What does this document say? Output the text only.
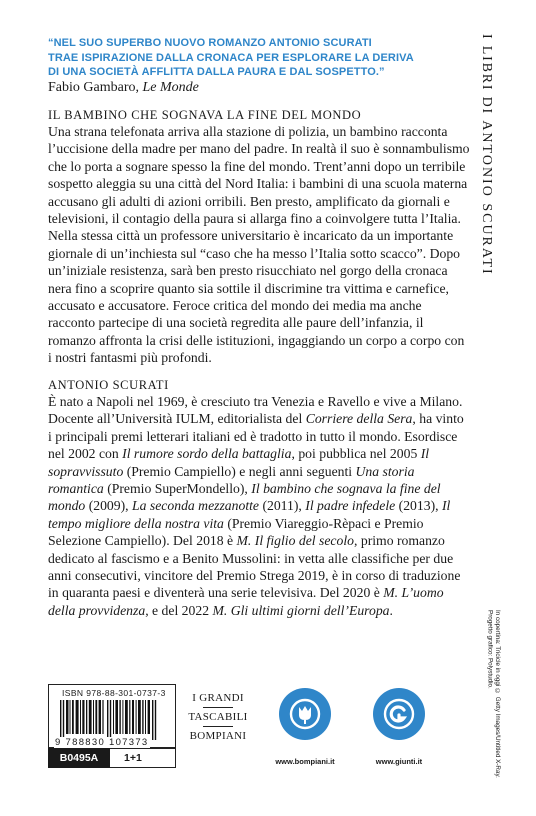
“NEL SUO SUPERBO NUOVO ROMANZO ANTONIO SCURATI
TRAE ISPIRAZIONE DALLA CRONACA PER ESPLORARE LA DERIVA
DI UNA SOCIETÀ AFFLITTA DALLA PAURA E DAL SOSPETTO.”
Fabio Gambaro, Le Monde
IL BAMBINO CHE SOGNAVA LA FINE DEL MONDO

Una strana telefonata arriva alla stazione di polizia, un bambino racconta l’uccisione della madre per mano del padre. In realtà il suo è sonnambulismo che lo porta a sognare spesso la fine del mondo. Trent’anni dopo un terribile sospetto aleggia su una città del Nord Italia: i bambini di una scuola materna accusano gli adulti di azioni orribili. Ben presto, amplificato da giornali e televisioni, il contagio della paura si allarga fino a coinvolgere tutta l’Italia. Nella stessa città un professore universitario è incaricato da un importante giornale di un’inchiesta sul “caso che ha messo l’Italia sotto scacco”. Dopo un’iniziale resistenza, sarà ben presto risucchiato nel gorgo della cronaca nera fino a scoprire quanto sia sottile il discrimine tra vittima e carnefice, accusato e accusatore. Feroce critica del mondo dei media ma anche racconto partecipe di una società regredita alle paure dell’infanzia, il romanzo affronta la crisi delle istituzioni, ingaggiando un corpo a corpo con i nostri fantasmi più profondi.

ANTONIO SCURATI

È nato a Napoli nel 1969, è cresciuto tra Venezia e Ravello e vive a Milano. Docente all’Università IULM, editorialista del Corriere della Sera, ha vinto i principali premi letterari italiani ed è tradotto in tutto il mondo. Esordisce nel 2002 con Il rumore sordo della battaglia, poi pubblica nel 2005 Il sopravvissuto (Premio Campiello) e negli anni seguenti Una storia romantica (Premio SuperMondello), Il bambino che sognava la fine del mondo (2009), La seconda mezzanotte (2011), Il padre infedele (2013), Il tempo migliore della nostra vita (Premio Viareggio-Rèpaci e Premio Selezione Campiello). Del 2018 è M. Il figlio del secolo, primo romanzo dedicato al fascismo e a Benito Mussolini: in vetta alle classifiche per due anni consecutivi, vincitore del Premio Strega 2019, è in corso di traduzione in quaranta paesi e diventerà una serie televisiva. Del 2020 è M. L’uomo della provvidenza, e del 2022 M. Gli ultimi giorni dell’Europa.

I LIBRI DI ANTONIO SCURATI
In copertina: Tricicle in oggi © Getty Images/Untitled X-Ray.
Progetto grafico: Polystudio.
ISBN 978-88-301-0737-3
9 788830 107373
B0495A	1+1
I GRANDI
TASCABILI
BOMPIANI
www.bompiani.it	www.giunti.it
